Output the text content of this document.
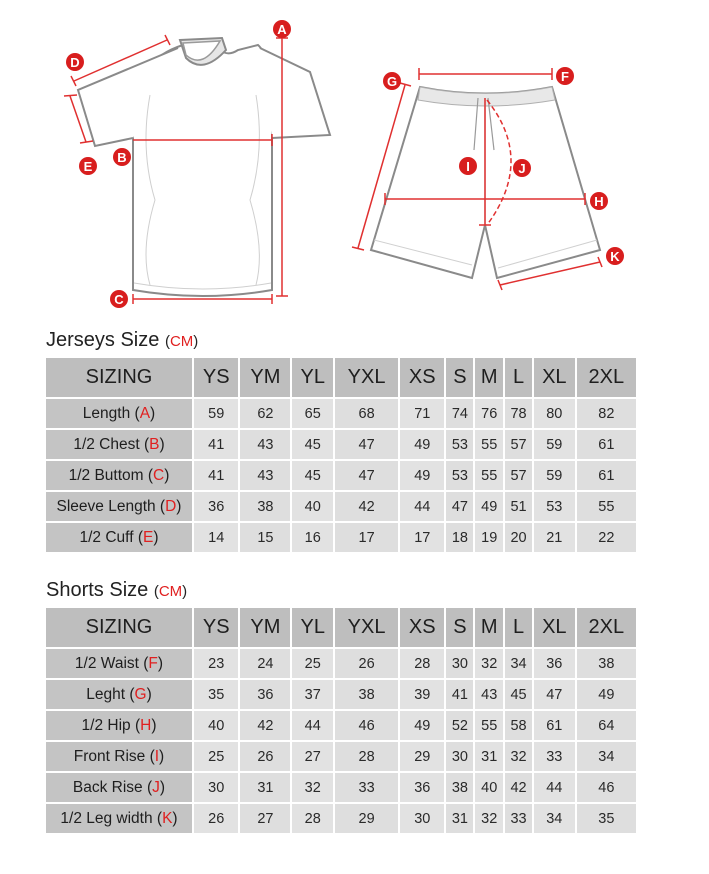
A
B
C
D
E
F
G
H
I	J
K
Jerseys Size (CM)
SIZING	YS	YM	YL	YXL	XS	S	M	L	XL	2XL
Length (A)	59	62	65	68	71	74	76	78	80	82
1/2 Chest (B)	41	43	45	47	49	53	55	57	59	61
1/2 Buttom (C)	41	43	45	47	49	53	55	57	59	61
Sleeve Length (D)	36	38	40	42	44	47	49	51	53	55
1/2 Cuff (E)	14	15	16	17	17	18	19	20	21	22
Shorts Size (CM)
SIZING	YS	YM	YL	YXL	XS	S	M	L	XL	2XL
1/2 Waist (F)	23	24	25	26	28	30	32	34	36	38
Leght (G)	35	36	37	38	39	41	43	45	47	49
1/2 Hip (H)	40	42	44	46	49	52	55	58	61	64
Front Rise (I)	25	26	27	28	29	30	31	32	33	34
Back Rise (J)	30	31	32	33	36	38	40	42	44	46
1/2 Leg width (K)	26	27	28	29	30	31	32	33	34	35
